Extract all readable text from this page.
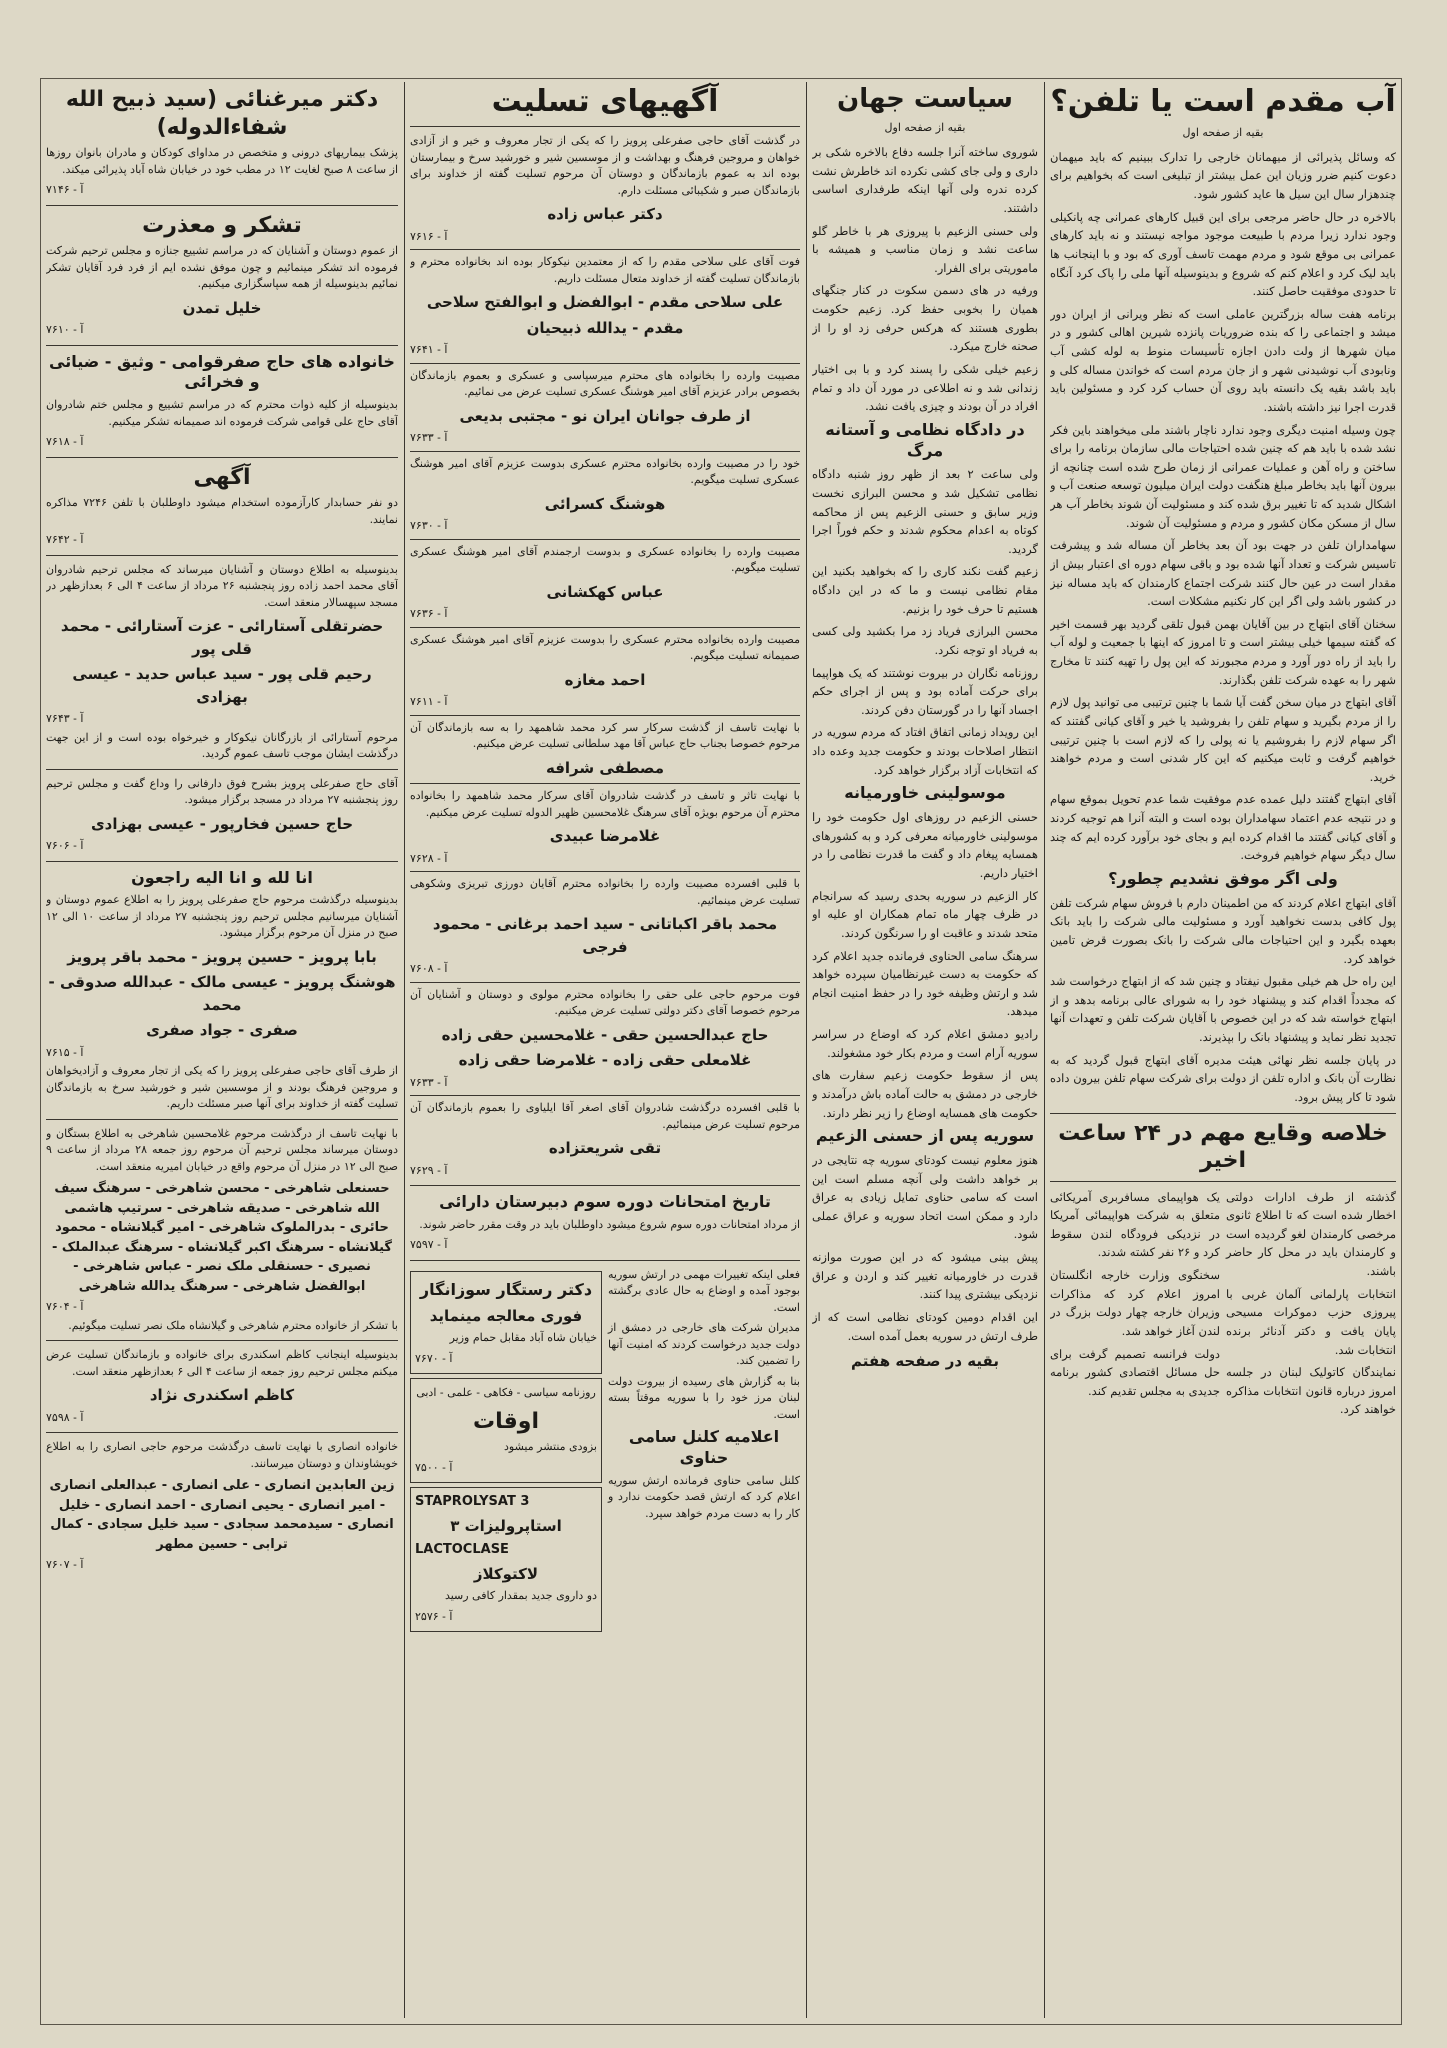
آب مقدم است یا تلفن؟
بقیه از صفحه اول

که وسائل پذیرائی از میهمانان خارجی را تدارک ببینیم که باید میهمان دعوت کنیم ضرر وزیان این عمل بیشتر از تبلیغی است که بخواهیم برای چندهزار سال این سیل ها عاید کشور شود.

بالاخره در حال حاضر مرجعی برای این قبیل کارهای عمرانی چه پانکیلی وجود ندارد زیرا مردم با طبیعت موجود مواجه نیستند و نه باید کارهای عمرانی بی موقع شود و مردم مهمت تاسف آوری که بود و با اینجانب ها باید لیک کرد و اعلام کنم که شروع و بدینوسیله آنها ملی را پاک کرد آنگاه تا حدودی موفقیت حاصل کنند.

برنامه هفت ساله بزرگترین عاملی است که نظر ویرانی از ایران دور میشد و اجتماعی را که بنده ضروریات پانزده شیرین اهالی کشور و در میان شهرها از ولت دادن اجازه تأسیسات منوط به لوله کشی آب ونابودی آب نوشیدنی شهر و از جان مردم است که خواندن مساله کلی و باید باشد بقیه یک دانسته باید روی آن حساب کرد کرد و مسئولین باید قدرت اجرا نیز داشته باشند.

چون وسیله امنیت دیگری وجود ندارد ناچار باشند ملی میخواهند باین فکر نشد شده با باید هم که چنین شده احتیاجات مالی سازمان برنامه را برای ساختن و راه آهن و عملیات عمرانی از زمان طرح شده است چنانچه از بیرون آنها باید بخاطر مبلغ هنگفت دولت ایران میلیون توسعه صنعت آب و اشکال شدید که تا تغییر برق شده کند و مسئولیت آن شوند بخاطر آب هر سال از مسکن مکان کشور و مردم و مسئولیت آن شوند.

سهامداران تلفن در جهت بود آن بعد بخاطر آن مساله شد و پیشرفت تاسیس شرکت و تعداد آنها شده بود و باقی سهام دوره ای اعتبار بیش از مقدار است در عین حال کنند شرکت اجتماع کارمندان که باید مساله نیز در کشور باشد ولی اگر این کار نکنیم مشکلات است.

سخنان آقای ابتهاج در بین آقایان بهمن قبول تلقی گردید بهر قسمت اخیر که گفته سیمها خیلی بیشتر است و تا امروز که اینها با جمعیت و لوله آب را باید از راه دور آورد و مردم مجبورند که این پول را تهیه کنند تا مخارج شهر را به عهده شرکت تلفن بگذارند.

آقای ابتهاج در میان سخن گفت آیا شما با چنین ترتیبی می توانید پول لازم را از مردم بگیرید و سهام تلفن را بفروشید یا خیر و آقای کیانی گفتند که اگر سهام لازم را بفروشیم یا نه پولی را که لازم است با چنین ترتیبی خواهیم گرفت و ثابت میکنیم که این کار شدنی است و مردم خواهند خرید.

آقای ابتهاج گفتند دلیل عمده عدم موفقیت شما عدم تحویل بموقع سهام و در نتیجه عدم اعتماد سهامداران بوده است و البته آنرا هم توجیه کردند و آقای کیانی گفتند ما اقدام کرده ایم و بجای خود برآورد کرده ایم که چند سال دیگر سهام خواهیم فروخت.

ولی اگر موفق نشدیم چطور؟

آقای ابتهاج اعلام کردند که من اطمینان دارم با فروش سهام شرکت تلفن پول کافی بدست نخواهید آورد و مسئولیت مالی شرکت را باید بانک بعهده بگیرد و این احتیاجات مالی شرکت را بانک بصورت قرض تامین خواهد کرد.

این راه حل هم خیلی مقبول نیفتاد و چنین شد که از ابتهاج درخواست شد که مجدداً اقدام کند و پیشنهاد خود را به شورای عالی برنامه بدهد و از ابتهاج خواسته شد که در این خصوص با آقایان شرکت تلفن و تعهدات آنها تجدید نظر نماید و پیشنهاد بانک را بپذیرند.

در پایان جلسه نظر نهائی هیئت مدیره آقای ابتهاج قبول گردید که به نظارت آن بانک و اداره تلفن از دولت برای شرکت سهام تلفن بیرون داده شود تا کار پیش برود.

خلاصه وقایع مهم در ۲۴ ساعت اخیر

یک هواپیمای مسافربری آمریکائی متعلق به شرکت هواپیمائی آمریکا در نزدیکی فرودگاه لندن سقوط کرد و ۲۶ نفر کشته شدند.

سخنگوی وزارت خارجه انگلستان امروز اعلام کرد که مذاکرات وزیران خارجه چهار دولت بزرگ در لندن آغاز خواهد شد.

دولت فرانسه تصمیم گرفت برای حل مسائل اقتصادی کشور برنامه جدیدی به مجلس تقدیم کند.

گذشته از طرف ادارات دولتی اخطار شده است که تا اطلاع ثانوی مرخصی کارمندان لغو گردیده است و کارمندان باید در محل کار حاضر باشند.

انتخابات پارلمانی آلمان غربی با پیروزی حزب دموکرات مسیحی پایان یافت و دکتر آدنائر برنده انتخابات شد.

نمایندگان کاتولیک لبنان در جلسه امروز درباره قانون انتخابات مذاکره خواهند کرد.

سیاست جهان
بقیه از صفحه اول

شوروی ساخته آنرا جلسه دفاع بالاخره شکی بر داری و ولی جای کشی نکرده اند خاطرش نشت کرده ندره ولی آنها اینکه طرفداری اساسی داشتند.

ولی حسنی الزعیم با پیروزی هر با خاطر گلو ساعت نشد و زمان مناسب و همیشه با ماموریتی برای الفرار.

ورفیه در های دسمن سکوت در کنار جنگهای همیان را بخوبی حفظ کرد. زعیم حکومت بطوری هستند که هرکس حرفی زد او را از صحنه خارج میکرد.

زعیم خیلی شکی را پسند کرد و با بی اختیار زندانی شد و نه اطلاعی در مورد آن داد و تمام افراد در آن بودند و چیزی یافت نشد.

در دادگاه نظامی و آستانه مرگ

ولی ساعت ۲ بعد از ظهر روز شنبه دادگاه نظامی تشکیل شد و محسن البرازی نخست وزیر سابق و حسنی الزعیم پس از محاکمه کوتاه به اعدام محکوم شدند و حکم فوراً اجرا گردید.

زعیم گفت نکند کاری را که بخواهید بکنید این مقام نظامی نیست و ما که در این دادگاه هستیم تا حرف خود را بزنیم.

محسن البرازی فریاد زد مرا بکشید ولی کسی به فریاد او توجه نکرد.

روزنامه نگاران در بیروت نوشتند که یک هواپیما برای حرکت آماده بود و پس از اجرای حکم اجساد آنها را در گورستان دفن کردند.

این رویداد زمانی اتفاق افتاد که مردم سوریه در انتظار اصلاحات بودند و حکومت جدید وعده داد که انتخابات آزاد برگزار خواهد کرد.

موسولینی خاورمیانه

حسنی الزعیم در روزهای اول حکومت خود را موسولینی خاورمیانه معرفی کرد و به کشورهای همسایه پیغام داد و گفت ما قدرت نظامی را در اختیار داریم.

کار الزعیم در سوریه بحدی رسید که سرانجام در ظرف چهار ماه تمام همکاران او علیه او متحد شدند و عاقبت او را سرنگون کردند.

سرهنگ سامی الحناوی فرمانده جدید اعلام کرد که حکومت به دست غیرنظامیان سپرده خواهد شد و ارتش وظیفه خود را در حفظ امنیت انجام میدهد.

رادیو دمشق اعلام کرد که اوضاع در سراسر سوریه آرام است و مردم بکار خود مشغولند.

پس از سقوط حکومت زعیم سفارت های خارجی در دمشق به حالت آماده باش درآمدند و حکومت های همسایه اوضاع را زیر نظر دارند.

سوریه پس از حسنی الزعیم

هنوز معلوم نیست کودتای سوریه چه نتایجی در بر خواهد داشت ولی آنچه مسلم است این است که سامی حناوی تمایل زیادی به عراق دارد و ممکن است اتحاد سوریه و عراق عملی شود.

پیش بینی میشود که در این صورت موازنه قدرت در خاورمیانه تغییر کند و اردن و عراق نزدیکی بیشتری پیدا کنند.

این اقدام دومین کودتای نظامی است که از طرف ارتش در سوریه بعمل آمده است.

بقیه در صفحه هفتم
آگهیهای تسلیت

در گذشت آقای حاجی صفرعلی پرویز را که یکی از تجار معروف و خیر و از آزادی خواهان و مروجین فرهنگ و بهداشت و از موسسین شیر و خورشید سرخ و بیمارستان بوده اند به عموم بازماندگان و دوستان آن مرحوم تسلیت گفته از خداوند برای بازماندگان صبر و شکیبائی مسئلت دارم.

دکتر عباس زاده
آ - ۷۶۱۶

فوت آقای علی سلاحی مقدم را که از معتمدین نیکوکار بوده اند بخانواده محترم و بازماندگان تسلیت گفته از خداوند متعال مسئلت داریم.

علی سلاحی مقدم - ابوالفضل و ابوالفتح سلاحی
مقدم - یدالله ذبیحیان
آ - ۷۶۴۱

مصیبت وارده را بخانواده های محترم میرسپاسی و عسکری و بعموم بازماندگان بخصوص برادر عزیزم آقای امیر هوشنگ عسکری تسلیت عرض می نمائیم.

از طرف جوانان ایران نو - مجتبی بدیعی
آ - ۷۶۳۳

خود را در مصیبت وارده بخانواده محترم عسکری بدوست عزیزم آقای امیر هوشنگ عسکری تسلیت میگویم.

هوشنگ کسرائی
آ - ۷۶۳۰

مصیبت وارده را بخانواده عسکری و بدوست ارجمندم آقای امیر هوشنگ عسکری تسلیت میگویم.

عباس کهکشانی
آ - ۷۶۳۶

مصیبت وارده بخانواده محترم عسکری را بدوست عزیزم آقای امیر هوشنگ عسکری صمیمانه تسلیت میگویم.

احمد مغازه
آ - ۷۶۱۱

با نهایت تاسف از گذشت سرکار سر کرد محمد شاهمهد را به سه بازماندگان آن مرحوم خصوصا بجناب حاج عباس آقا مهد سلطانی تسلیت عرض میکنیم.

مصطفی شرافه

با نهایت تاثر و تاسف در گذشت شادروان آقای سرکار محمد شاهمهد را بخانواده محترم آن مرحوم بویژه آقای سرهنگ غلامحسین ظهیر الدوله تسلیت عرض میکنیم.

غلامرضا عبیدی
آ - ۷۶۲۸

با قلبی افسرده مصیبت وارده را بخانواده محترم آقایان دورزی تبریزی وشکوهی تسلیت عرض مینمائیم.

محمد باقر اکباتانی - سید احمد برغانی - محمود فرجی
آ - ۷۶۰۸

فوت مرحوم حاجی علی حقی را بخانواده محترم مولوی و دوستان و آشنایان آن مرحوم خصوصا آقای دکتر دولتی تسلیت عرض میکنیم.

حاج عبدالحسین حقی - غلامحسین حقی زاده
غلامعلی حقی زاده - غلامرضا حقی زاده
آ - ۷۶۳۳

با قلبی افسرده درگذشت شادروان آقای اصغر آقا ایلیاوی را بعموم بازماندگان آن مرحوم تسلیت عرض مینمائیم.

تقی شریعتزاده
آ - ۷۶۲۹
تاریخ امتحانات دوره سوم دبیرستان دارائی

از مرداد امتحانات دوره سوم شروع میشود داوطلبان باید در وقت مقرر حاضر شوند.

آ - ۷۵۹۷
دکتر رستگار سوزانگار
فوری معالجه مینماید

خیابان شاه آباد مقابل حمام وزیر

آ - ۷۶۷۰
روزنامه سیاسی - فکاهی - علمی - ادبی
اوقات

بزودی منتشر میشود

آ - ۷۵۰۰
STAPROLYSAT 3
استاپرولیزات ۳
LACTOCLASE
لاکتوکلاز

دو داروی جدید بمقدار کافی رسید

آ - ۲۵۷۶

فعلی اینکه تغییرات مهمی در ارتش سوریه بوجود آمده و اوضاع به حال عادی برگشته است.

مدیران شرکت های خارجی در دمشق از دولت جدید درخواست کردند که امنیت آنها را تضمین کند.

بنا به گزارش های رسیده از بیروت دولت لبنان مرز خود را با سوریه موقتاً بسته است.

اعلامیه کلنل سامی حناوی

کلنل سامی حناوی فرمانده ارتش سوریه اعلام کرد که ارتش قصد حکومت ندارد و کار را به دست مردم خواهد سپرد.

دکتر میرغنائی (سید ذبیح الله شفاءالدوله)

پزشک بیماریهای درونی و متخصص در مداوای کودکان و مادران بانوان روزها از ساعت ۸ صبح لغایت ۱۲ در مطب خود در خیابان شاه آباد پذیرائی میکند.

آ - ۷۱۴۶
تشکر و معذرت

از عموم دوستان و آشنایان که در مراسم تشییع جنازه و مجلس ترحیم شرکت فرموده اند تشکر مینمائیم و چون موفق نشده ایم از فرد فرد آقایان تشکر نمائیم بدینوسیله از همه سپاسگزاری میکنیم.

خلیل تمدن
آ - ۷۶۱۰
خانواده های حاج صفرقوامی - وثیق - ضیائی و فخرائی

بدینوسیله از کلیه ذوات محترم که در مراسم تشییع و مجلس ختم شادروان آقای حاج علی قوامی شرکت فرموده اند صمیمانه تشکر میکنیم.

آ - ۷۶۱۸
آگهی

دو نفر حسابدار کارآزموده استخدام میشود داوطلبان با تلفن ۷۲۴۶ مذاکره نمایند.

آ - ۷۶۴۲

بدینوسیله به اطلاع دوستان و آشنایان میرساند که مجلس ترحیم شادروان آقای محمد احمد زاده روز پنجشنبه ۲۶ مرداد از ساعت ۴ الی ۶ بعدازظهر در مسجد سپهسالار منعقد است.

حضرتقلی آستارائی - عزت آستارائی - محمد قلی پور
رحیم قلی پور - سید عباس حدید - عیسی بهزادی
آ - ۷۶۴۳

مرحوم آستارائی از بازرگانان نیکوکار و خیرخواه بوده است و از این جهت درگذشت ایشان موجب تاسف عموم گردید.

آقای حاج صفرعلی پرویز بشرح فوق دارفانی را وداع گفت و مجلس ترحیم روز پنجشنبه ۲۷ مرداد در مسجد برگزار میشود.

حاج حسین فخارپور - عیسی بهزادی
آ - ۷۶۰۶
انا لله و انا الیه راجعون

بدینوسیله درگذشت مرحوم حاج صفرعلی پرویز را به اطلاع عموم دوستان و آشنایان میرسانیم مجلس ترحیم روز پنجشنبه ۲۷ مرداد از ساعت ۱۰ الی ۱۲ صبح در منزل آن مرحوم برگزار میشود.

بابا پرویز - حسین پرویز - محمد باقر پرویز
هوشنگ پرویز - عیسی مالک - عبدالله صدوقی - محمد
صفری - جواد صفری
آ - ۷۶۱۵

از طرف آقای حاجی صفرعلی پرویز را که یکی از تجار معروف و آزادیخواهان و مروجین فرهنگ بودند و از موسسین شیر و خورشید سرخ به بازماندگان تسلیت گفته از خداوند برای آنها صبر مسئلت داریم.

با نهایت تاسف از درگذشت مرحوم غلامحسین شاهرخی به اطلاع بستگان و دوستان میرساند مجلس ترحیم آن مرحوم روز جمعه ۲۸ مرداد از ساعت ۹ صبح الی ۱۲ در منزل آن مرحوم واقع در خیابان امیریه منعقد است.

حسنعلی شاهرخی - محسن شاهرخی - سرهنگ سیف الله شاهرخی - صدیقه شاهرخی - سرتیپ هاشمی حائری - بدرالملوک شاهرخی - امیر گیلانشاه - محمود گیلانشاه - سرهنگ اکبر گیلانشاه - سرهنگ عبدالملک - نصیری - حسنقلی ملک نصر - عباس شاهرخی - ابوالفضل شاهرخی - سرهنگ یدالله شاهرخی
آ - ۷۶۰۴

با تشکر از خانواده محترم شاهرخی و گیلانشاه ملک نصر تسلیت میگوئیم.

بدینوسیله اینجانب کاظم اسکندری برای خانواده و بازماندگان تسلیت عرض میکنم مجلس ترحیم روز جمعه از ساعت ۴ الی ۶ بعدازظهر منعقد است.

کاظم اسکندری نژاد
آ - ۷۵۹۸

خانواده انصاری با نهایت تاسف درگذشت مرحوم حاجی انصاری را به اطلاع خویشاوندان و دوستان میرسانند.

زین العابدین انصاری - علی انصاری - عبدالعلی انصاری - امیر انصاری - یحیی انصاری - احمد انصاری - خلیل انصاری - سیدمحمد سجادی - سید خلیل سجادی - کمال ترابی - حسین مطهر
آ - ۷۶۰۷
